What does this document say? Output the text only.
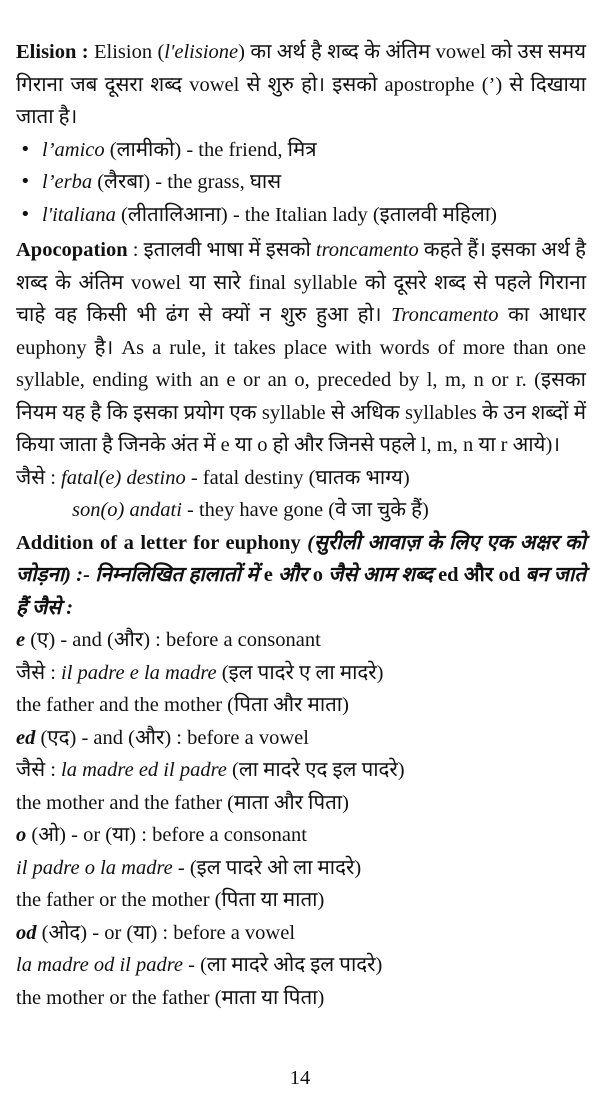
Elision : Elision (l'elisione) का अर्थ है शब्द के अंतिम vowel को उस समय गिराना जब दूसरा शब्द vowel से शुरु हो। इसको apostrophe (’) से दिखाया जाता है।

• l’amico (लामीको) - the friend, मित्र
• l’erba (लैरबा) - the grass, घास
• l'italiana (लीतालिआना) - the Italian lady (इतालवी महिला)

Apocopation : इतालवी भाषा में इसको troncamento कहते हैं। इसका अर्थ है शब्द के अंतिम vowel या सारे final syllable को दूसरे शब्द से पहले गिराना चाहे वह किसी भी ढंग से क्यों न शुरु हुआ हो। Troncamento का आधार euphony है। As a rule, it takes place with words of more than one syllable, ending with an e or an o, preceded by l, m, n or r. (इसका नियम यह है कि इसका प्रयोग एक syllable से अधिक syllables के उन शब्दों में किया जाता है जिनके अंत में e या o हो और जिनसे पहले l, m, n या r आये)।

जैसे : fatal(e) destino - fatal destiny (घातक भाग्य)
son(o) andati - they have gone (वे जा चुके हैं)

Addition of a letter for euphony (सुरीली आवाज़ के लिए एक अक्षर को जोड़ना) :- निम्नलिखित हालातों में e और o जैसे आम शब्द ed और od बन जाते हैं जैसे :

e (ए) - and (और) : before a consonant
जैसे : il padre e la madre (इल पादरे ए ला मादरे)
the father and the mother (पिता और माता)
ed (एद) - and (और) : before a vowel
जैसे : la madre ed il padre (ला मादरे एद इल पादरे)
the mother and the father (माता और पिता)
o (ओ) - or (या) : before a consonant
il padre o la madre - (इल पादरे ओ ला मादरे)
the father or the mother (पिता या माता)
od (ओद) - or (या) : before a vowel
la madre od il padre - (ला मादरे ओद इल पादरे)
the mother or the father (माता या पिता)
14
